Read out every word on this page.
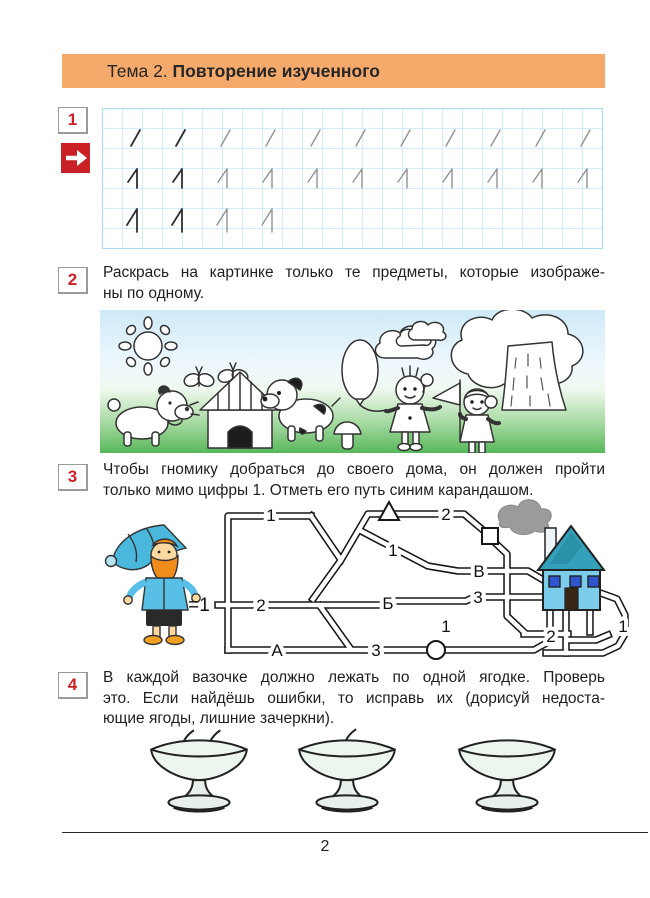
Тема 2. Повторение изученного
1
2	Раскрась на картинке только те предметы, которые изображе-
ны по одному.
3	Чтобы гномику добраться до своего дома, он должен пройти
только мимо цифры 1. Отметь его путь синим карандашом.
=1
1
2
А
2
1
В
Б	3
1
3
2
1
4	В каждой вазочке должно лежать по одной ягодке. Проверь
это. Если найдёшь ошибки, то исправь их (дорисуй недоста-
ющие ягоды, лишние зачеркни).
2
